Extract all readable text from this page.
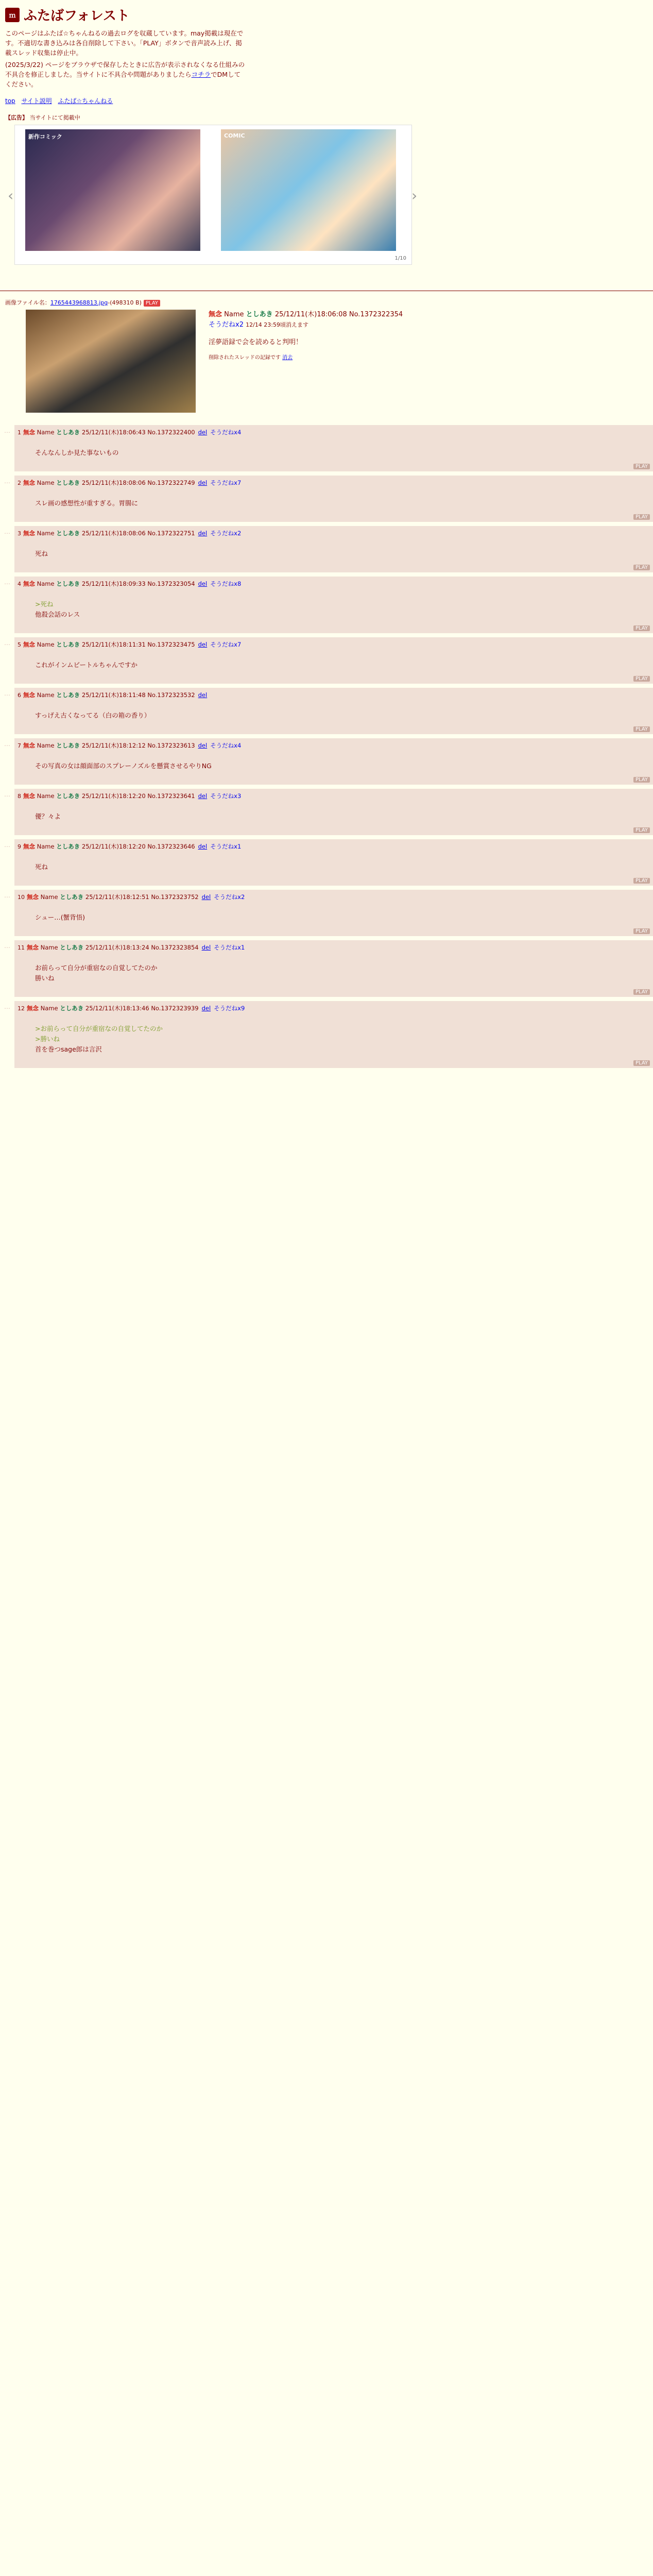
ｍ ふたばフォレスト
このページはふたば☆ちゃんねるの過去ログを収蔵しています。may掲載は現在で
す。不適切な書き込みは各自削除して下さい。「PLAY」ボタンで音声読み上げ、掲
載スレッド収集は停止中。
(2025/3/22) ページをブラウザで保存したときに広告が表示されなくなる仕組みの
不具合を修正しました。当サイトに不具合や問題がありましたらコチラでDMして
ください。
top サイト説明 ふたば☆ちゃんねる
【広告】 当サイトにて掲載中
‹
新作コミック	COMIC
›
1/10
画像ファイル名：1765443968813.jpg-(498310 B) PLAY
無念 Name としあき 25/12/11(木)18:06:08 No.1372322354
そうだねx2 12/14 23:59頃消えます
淫夢語録で会を読めると判明！
削除されたスレッドの記録です 消去
… 1 無念 Name としあき 25/12/11(木)18:06:43 No.1372322400 del そうだねx4
そんなんしか見た事ないもの
PLAY
… 2 無念 Name としあき 25/12/11(木)18:08:06 No.1372322749 del そうだねx7
スレ画の感想性が重すぎる。胃腸に
PLAY
… 3 無念 Name としあき 25/12/11(木)18:08:06 No.1372322751 del そうだねx2
死ね
PLAY
… 4 無念 Name としあき 25/12/11(木)18:09:33 No.1372323054 del そうだねx8
>死ね
他殺会話のレス
PLAY
… 5 無念 Name としあき 25/12/11(木)18:11:31 No.1372323475 del そうだねx7
これがインムビートルちゃんですか
PLAY
… 6 無念 Name としあき 25/12/11(木)18:11:48 No.1372323532 del
すっげえ古くなってる（白の箱の香り）
PLAY
… 7 無念 Name としあき 25/12/11(木)18:12:12 No.1372323613 del そうだねx4
その写真の女は顔面部のスプレーノズルを懸賞させるやりNG
PLAY
… 8 無念 Name としあき 25/12/11(木)18:12:20 No.1372323641 del そうだねx3
優？々よ
PLAY
… 9 無念 Name としあき 25/12/11(木)18:12:20 No.1372323646 del そうだねx1
死ね
PLAY
… 10 無念 Name としあき 25/12/11(木)18:12:51 No.1372323752 del そうだねx2
シュー…(蟹背悟)
PLAY
… 11 無念 Name としあき 25/12/11(木)18:13:24 No.1372323854 del そうだねx1
お前らって自分が重宿なの自覚してたのか
勝いね
PLAY
… 12 無念 Name としあき 25/12/11(木)18:13:46 No.1372323939 del そうだねx9
>お前らって自分が重宿なの自覚してたのか
>勝いね
首を巻つsage郎は言沢
PLAY
